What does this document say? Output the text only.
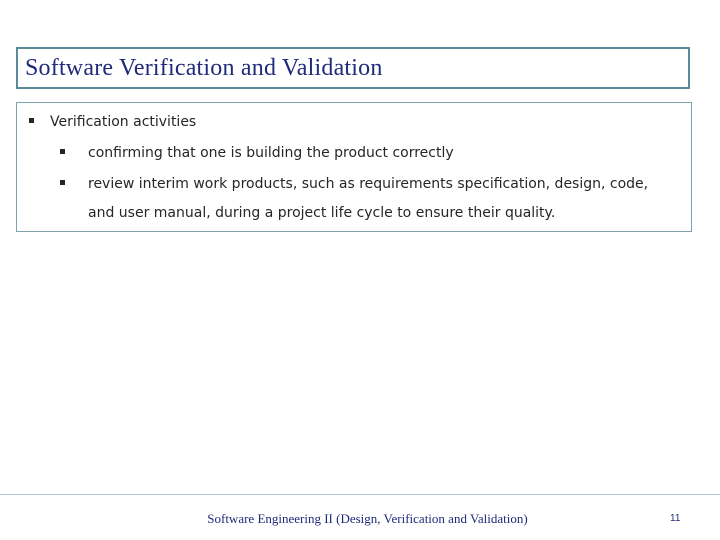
Software Verification and Validation
Verification activities
confirming that one is building the product correctly
review interim work products, such as requirements specification, design, code,
and user manual, during a project life cycle to ensure their quality.
Software Engineering II (Design, Verification and Validation)	11
